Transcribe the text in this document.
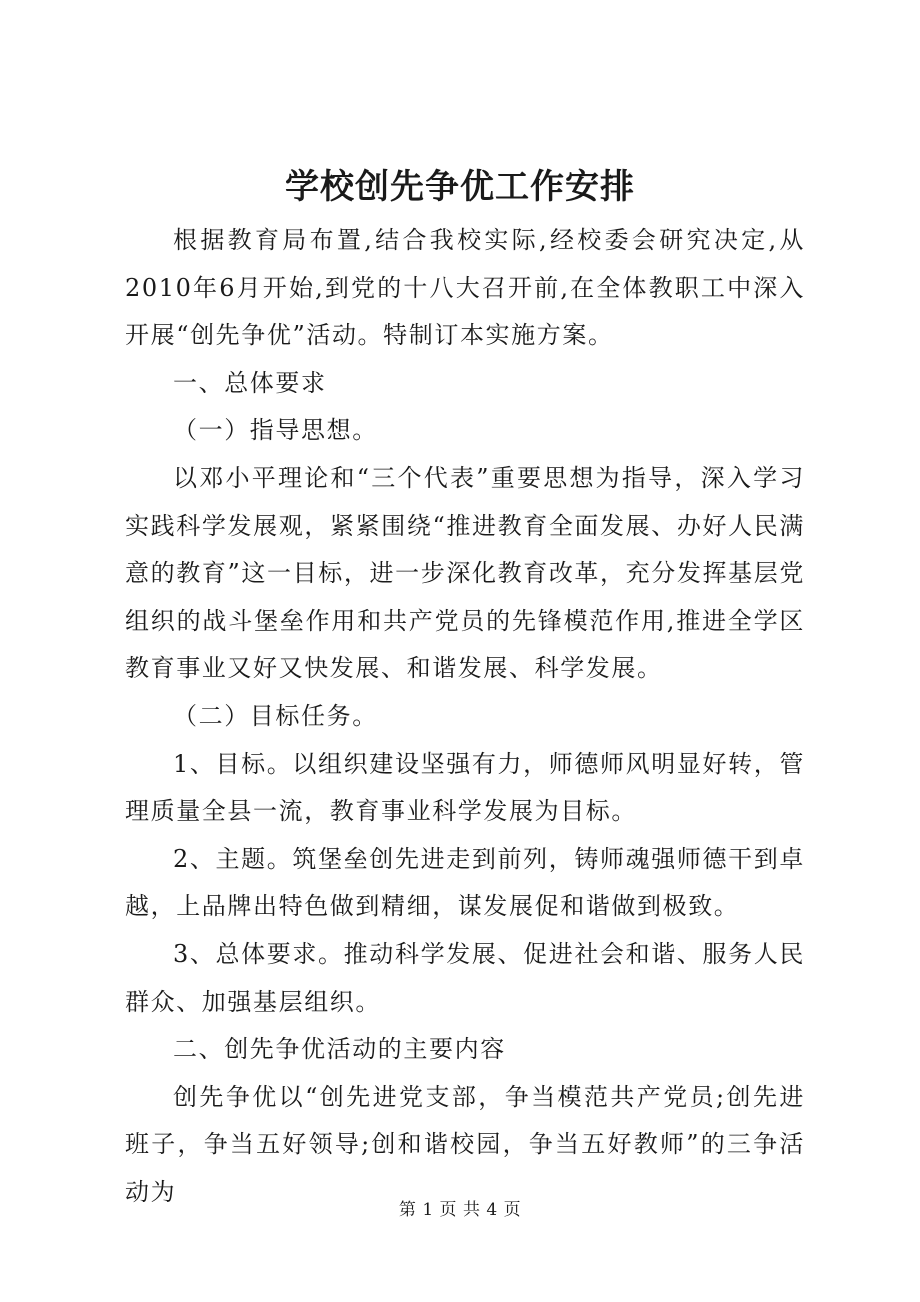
学校创先争优工作安排

根据教育局布置,结合我校实际,经校委会研究决定,从2010年6月开始,到党的十八大召开前,在全体教职工中深入开展“创先争优”活动。特制订本实施方案。

一、总体要求

（一）指导思想。

以邓小平理论和“三个代表”重要思想为指导，深入学习实践科学发展观，紧紧围绕“推进教育全面发展、办好人民满意的教育”这一目标，进一步深化教育改革，充分发挥基层党组织的战斗堡垒作用和共产党员的先锋模范作用,推进全学区教育事业又好又快发展、和谐发展、科学发展。

（二）目标任务。

1、目标。以组织建设坚强有力，师德师风明显好转，管理质量全县一流，教育事业科学发展为目标。

2、主题。筑堡垒创先进走到前列，铸师魂强师德干到卓越，上品牌出特色做到精细，谋发展促和谐做到极致。

3、总体要求。推动科学发展、促进社会和谐、服务人民群众、加强基层组织。

二、创先争优活动的主要内容

创先争优以“创先进党支部，争当模范共产党员;创先进班子，争当五好领导;创和谐校园，争当五好教师”的三争活动为

第 1 页 共 4 页
